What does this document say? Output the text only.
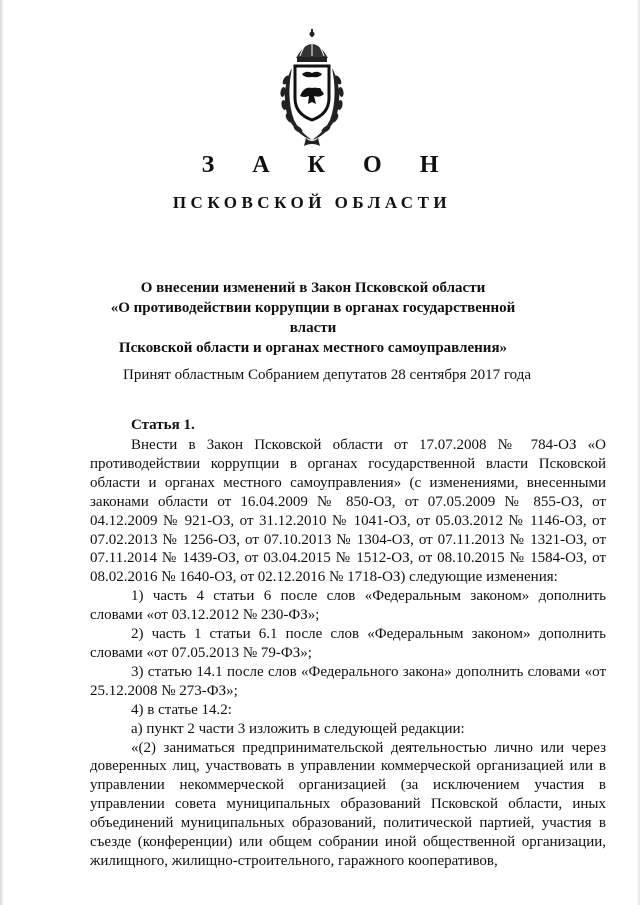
З А К О Н
ПСКОВСКОЙ ОБЛАСТИ
О внесении изменений в Закон Псковской области
«О противодействии коррупции в органах государственной власти
Псковской области и органах местного самоуправления»
Принят областным Собранием депутатов 28 сентября 2017 года
Статья 1.

Внести в Закон Псковской области от 17.07.2008 № 784-ОЗ «О противодействии коррупции в органах государственной власти Псковской области и органах местного самоуправления» (с изменениями, внесенными законами области от 16.04.2009 № 850-ОЗ, от 07.05.2009 № 855-ОЗ, от 04.12.2009 № 921-ОЗ, от 31.12.2010 № 1041-ОЗ, от 05.03.2012 № 1146-ОЗ, от 07.02.2013 № 1256-ОЗ, от 07.10.2013 № 1304-ОЗ, от 07.11.2013 № 1321-ОЗ, от 07.11.2014 № 1439-ОЗ, от 03.04.2015 № 1512-ОЗ, от 08.10.2015 № 1584-ОЗ, от 08.02.2016 № 1640-ОЗ, от 02.12.2016 № 1718-ОЗ) следующие изменения:

1) часть 4 статьи 6 после слов «Федеральным законом» дополнить словами «от 03.12.2012 № 230-ФЗ»;

2) часть 1 статьи 6.1 после слов «Федеральным законом» дополнить словами «от 07.05.2013 № 79-ФЗ»;

3) статью 14.1 после слов «Федерального закона» дополнить словами «от 25.12.2008 № 273-ФЗ»;

4) в статье 14.2:

а) пункт 2 части 3 изложить в следующей редакции:

«(2) заниматься предпринимательской деятельностью лично или через доверенных лиц, участвовать в управлении коммерческой организацией или в управлении некоммерческой организацией (за исключением участия в управлении совета муниципальных образований Псковской области, иных объединений муниципальных образований, политической партией, участия в съезде (конференции) или общем собрании иной общественной организации, жилищного, жилищно-строительного, гаражного кооперативов,
